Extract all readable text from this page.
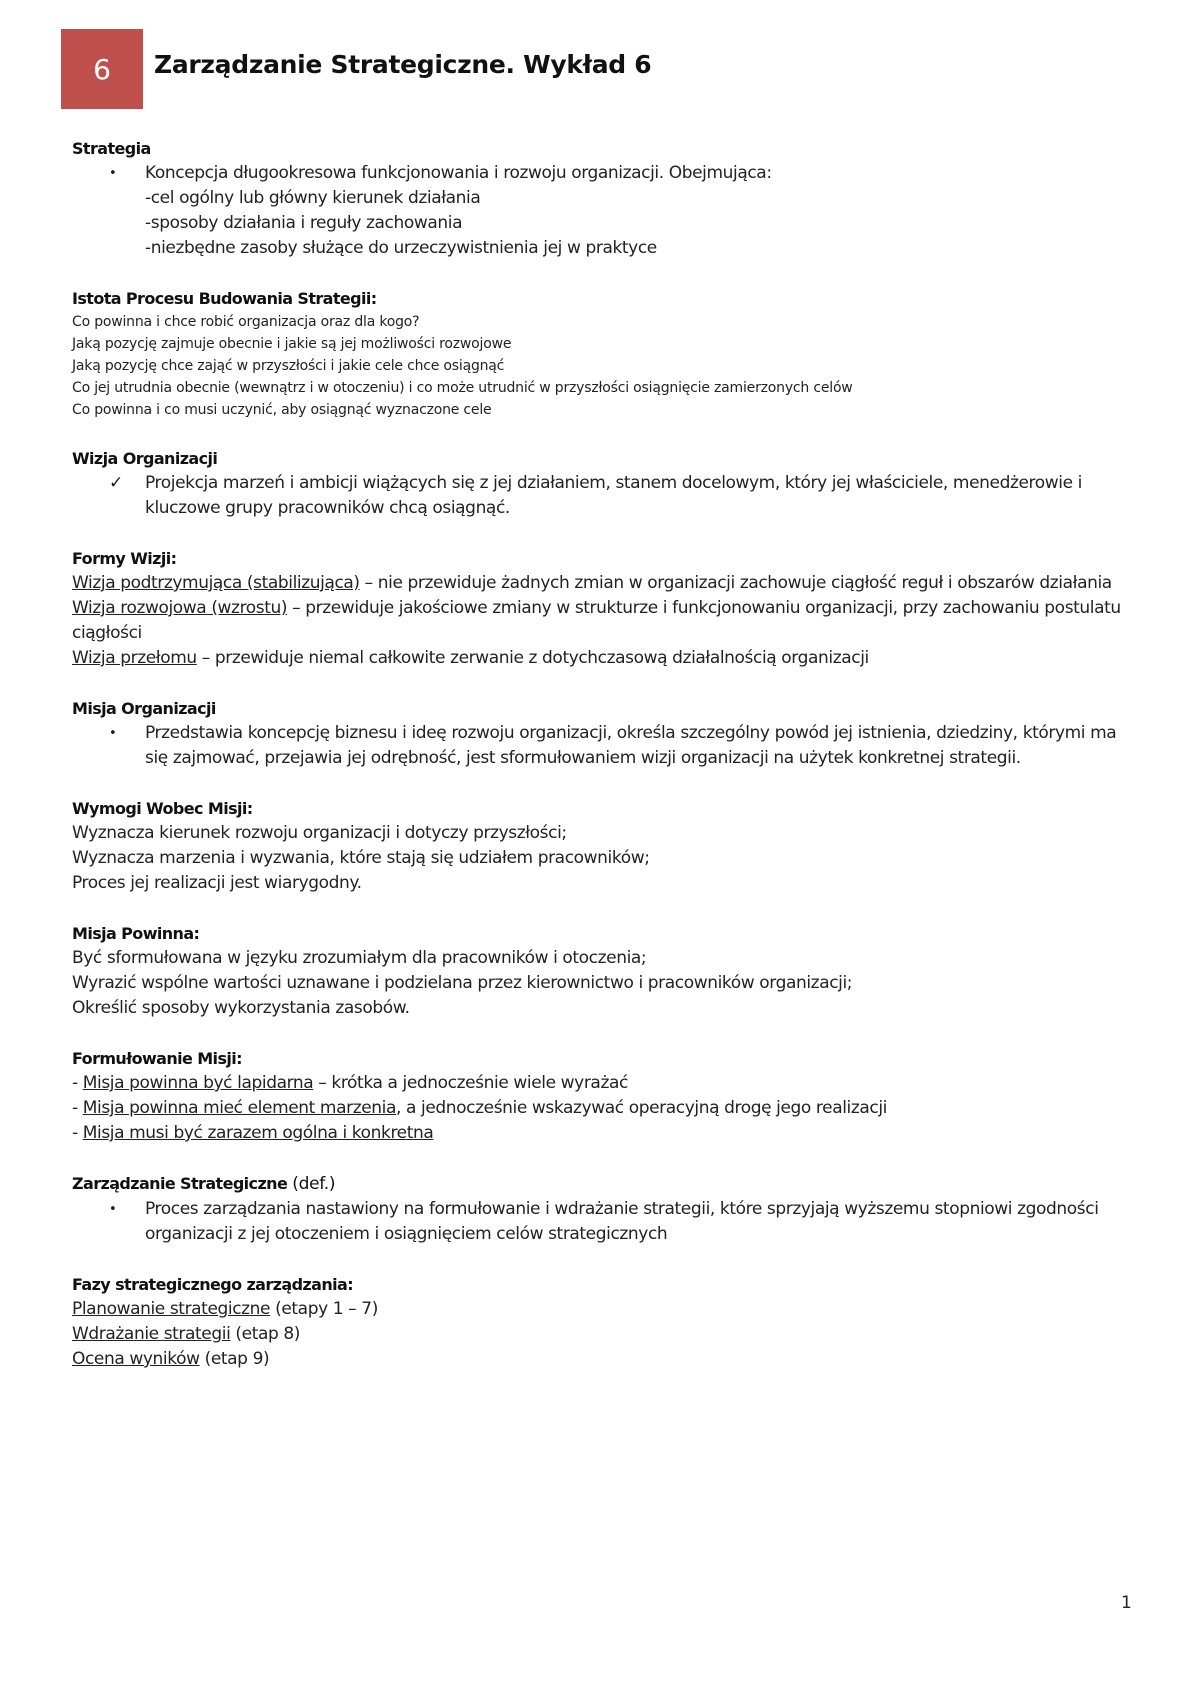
6 Zarządzanie Strategiczne. Wykład 6
Strategia
•	Koncepcja długookresowa funkcjonowania i rozwoju organizacji. Obejmująca:
-cel ogólny lub główny kierunek działania
-sposoby działania i reguły zachowania
-niezbędne zasoby służące do urzeczywistnienia jej w praktyce
Istota Procesu Budowania Strategii:
Co powinna i chce robić organizacja oraz dla kogo?
Jaką pozycję zajmuje obecnie i jakie są jej możliwości rozwojowe
Jaką pozycję chce zająć w przyszłości i jakie cele chce osiągnąć
Co jej utrudnia obecnie (wewnątrz i w otoczeniu) i co może utrudnić w przyszłości osiągnięcie zamierzonych celów
Co powinna i co musi uczynić, aby osiągnąć wyznaczone cele
Wizja Organizacji
✓	Projekcja marzeń i ambicji wiążących się z jej działaniem, stanem docelowym, który jej właściciele, menedżerowie i kluczowe grupy pracowników chcą osiągnąć.
Formy Wizji:
Wizja podtrzymująca (stabilizująca) – nie przewiduje żadnych zmian w organizacji zachowuje ciągłość reguł i obszarów działania
Wizja rozwojowa (wzrostu) – przewiduje jakościowe zmiany w strukturze i funkcjonowaniu organizacji, przy zachowaniu postulatu ciągłości
Wizja przełomu – przewiduje niemal całkowite zerwanie z dotychczasową działalnością organizacji
Misja Organizacji
•	Przedstawia koncepcję biznesu i ideę rozwoju organizacji, określa szczególny powód jej istnienia, dziedziny, którymi ma się zajmować, przejawia jej odrębność, jest sformułowaniem wizji organizacji na użytek konkretnej strategii.
Wymogi Wobec Misji:
Wyznacza kierunek rozwoju organizacji i dotyczy przyszłości;
Wyznacza marzenia i wyzwania, które stają się udziałem pracowników;
Proces jej realizacji jest wiarygodny.
Misja Powinna:
Być sformułowana w języku zrozumiałym dla pracowników i otoczenia;
Wyrazić wspólne wartości uznawane i podzielana przez kierownictwo i pracowników organizacji;
Określić sposoby wykorzystania zasobów.
Formułowanie Misji:
- Misja powinna być lapidarna – krótka a jednocześnie wiele wyrażać
- Misja powinna mieć element marzenia, a jednocześnie wskazywać operacyjną drogę jego realizacji
- Misja musi być zarazem ogólna i konkretna
Zarządzanie Strategiczne (def.)
•	Proces zarządzania nastawiony na formułowanie i wdrażanie strategii, które sprzyjają wyższemu stopniowi zgodności organizacji z jej otoczeniem i osiągnięciem celów strategicznych
Fazy strategicznego zarządzania:
Planowanie strategiczne (etapy 1 – 7)
Wdrażanie strategii (etap 8)
Ocena wyników (etap 9)
1
